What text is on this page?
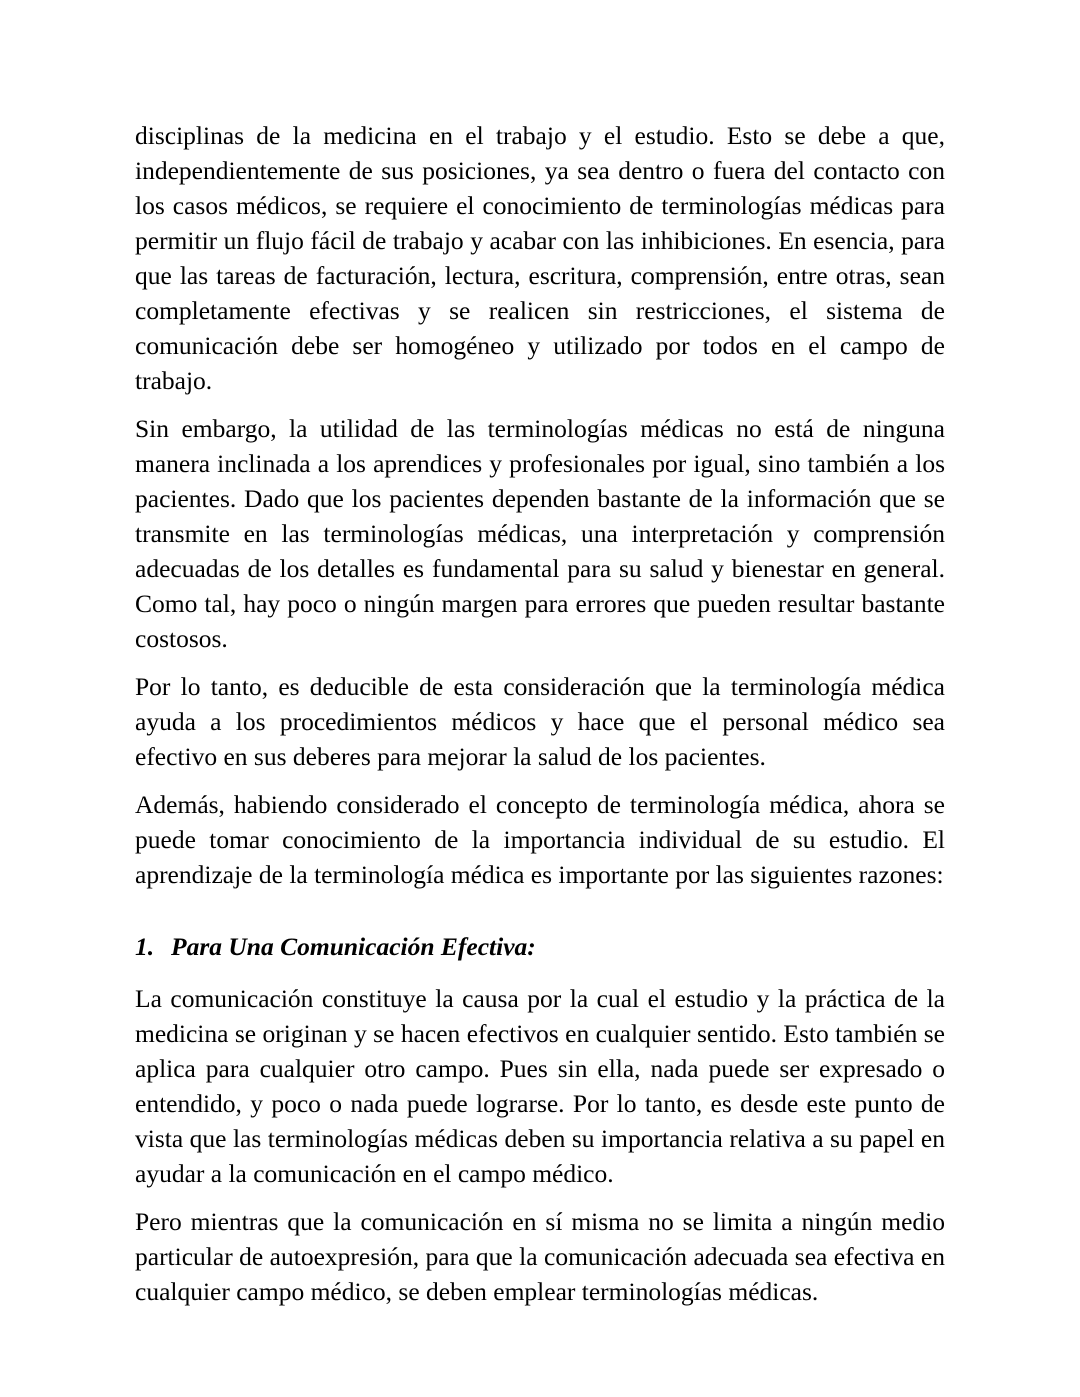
disciplinas de la medicina en el trabajo y el estudio. Esto se debe a que, independientemente de sus posiciones, ya sea dentro o fuera del contacto con los casos médicos, se requiere el conocimiento de terminologías médicas para permitir un flujo fácil de trabajo y acabar con las inhibiciones. En esencia, para que las tareas de facturación, lectura, escritura, comprensión, entre otras, sean completamente efectivas y se realicen sin restricciones, el sistema de comunicación debe ser homogéneo y utilizado por todos en el campo de trabajo.

Sin embargo, la utilidad de las terminologías médicas no está de ninguna manera inclinada a los aprendices y profesionales por igual, sino también a los pacientes. Dado que los pacientes dependen bastante de la información que se transmite en las terminologías médicas, una interpretación y comprensión adecuadas de los detalles es fundamental para su salud y bienestar en general. Como tal, hay poco o ningún margen para errores que pueden resultar bastante costosos.

Por lo tanto, es deducible de esta consideración que la terminología médica ayuda a los procedimientos médicos y hace que el personal médico sea efectivo en sus deberes para mejorar la salud de los pacientes.

Además, habiendo considerado el concepto de terminología médica, ahora se puede tomar conocimiento de la importancia individual de su estudio. El aprendizaje de la terminología médica es importante por las siguientes razones:

1. Para Una Comunicación Efectiva:

La comunicación constituye la causa por la cual el estudio y la práctica de la medicina se originan y se hacen efectivos en cualquier sentido. Esto también se aplica para cualquier otro campo. Pues sin ella, nada puede ser expresado o entendido, y poco o nada puede lograrse. Por lo tanto, es desde este punto de vista que las terminologías médicas deben su importancia relativa a su papel en ayudar a la comunicación en el campo médico.

Pero mientras que la comunicación en sí misma no se limita a ningún medio particular de autoexpresión, para que la comunicación adecuada sea efectiva en cualquier campo médico, se deben emplear terminologías médicas.
